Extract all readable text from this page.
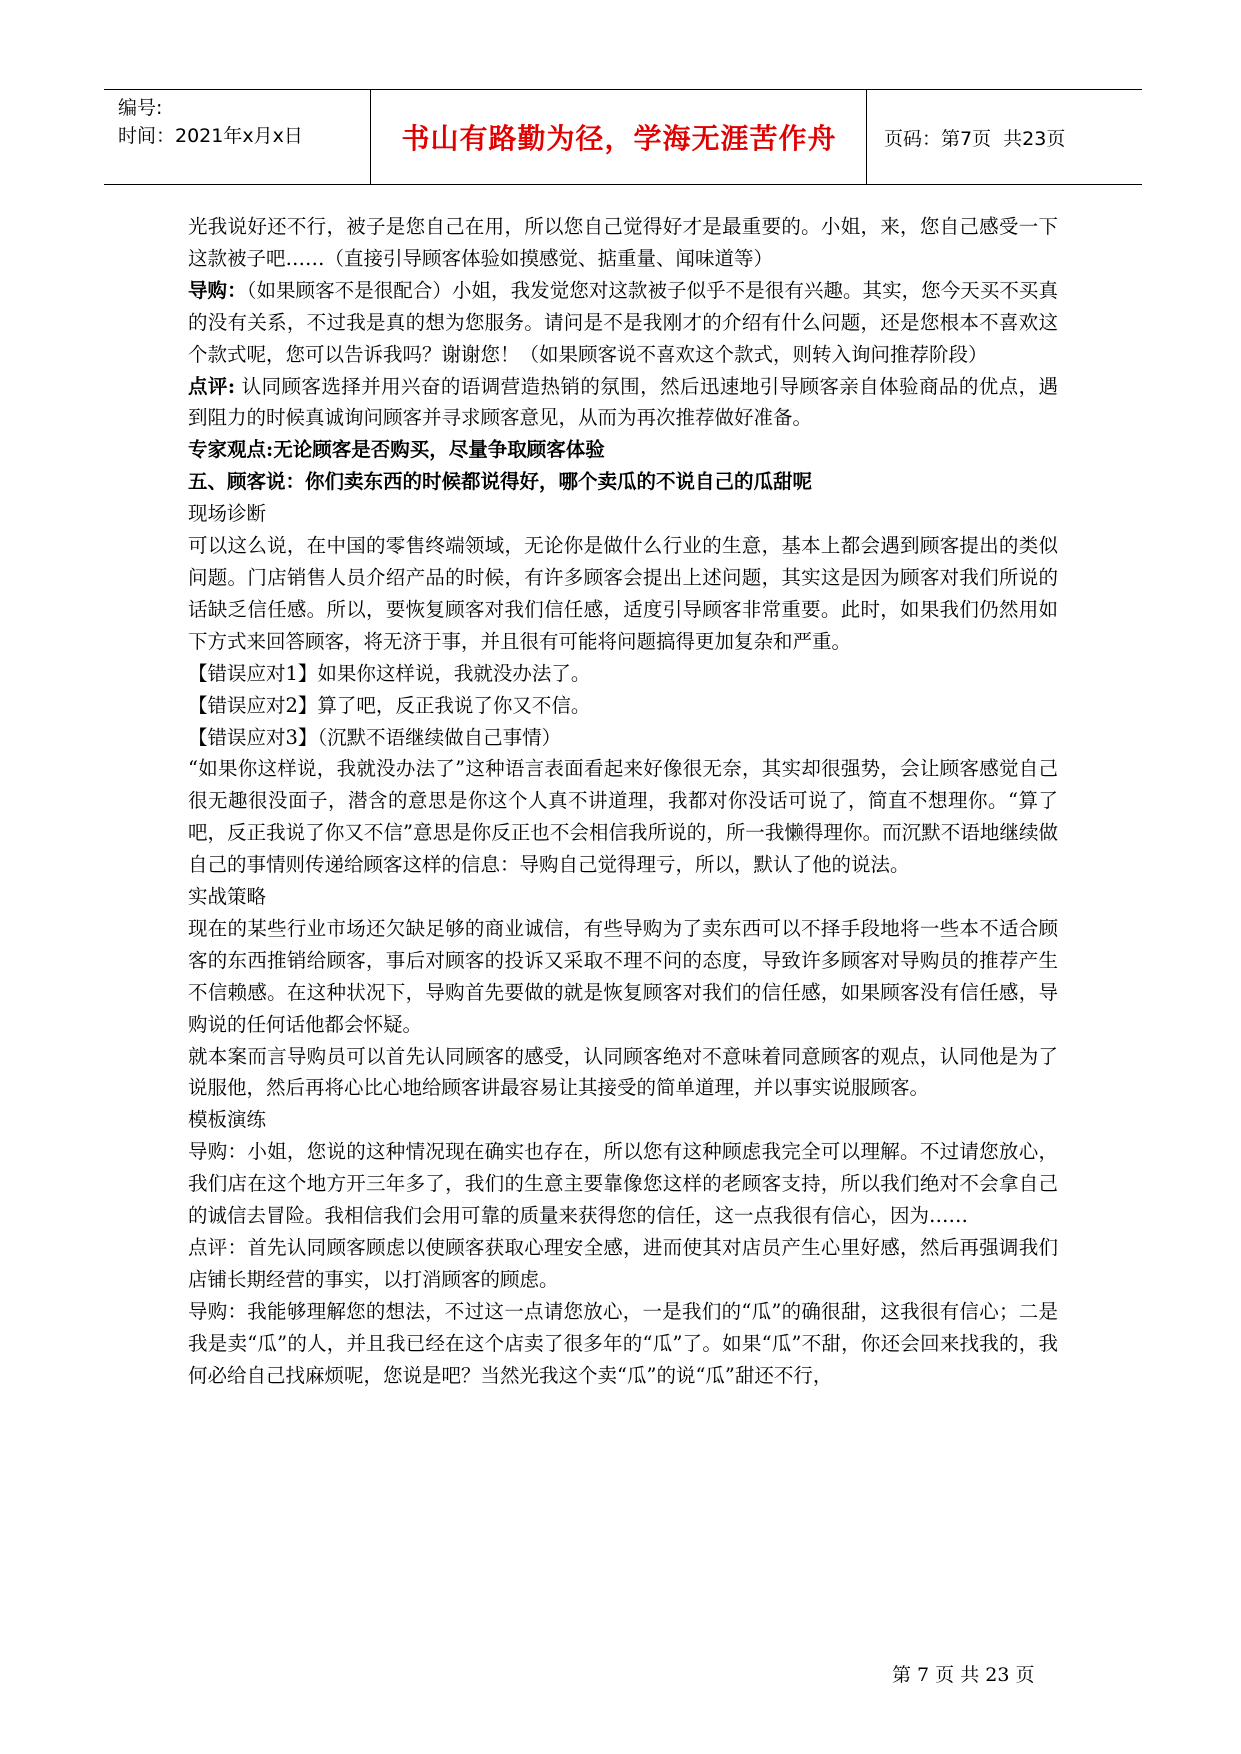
编号:
时间：2021年x月x日	书山有路勤为径，学海无涯苦作舟	页码：第7页  共23页

光我说好还不行，被子是您自己在用，所以您自己觉得好才是最重要的。小姐，来，您自己感受一下这款被子吧……（直接引导顾客体验如摸感觉、掂重量、闻味道等）

导购：（如果顾客不是很配合）小姐，我发觉您对这款被子似乎不是很有兴趣。其实，您今天买不买真的没有关系，不过我是真的想为您服务。请问是不是我刚才的介绍有什么问题，还是您根本不喜欢这个款式呢，您可以告诉我吗？谢谢您！（如果顾客说不喜欢这个款式，则转入询问推荐阶段）

点评: 认同顾客选择并用兴奋的语调营造热销的氛围，然后迅速地引导顾客亲自体验商品的优点，遇到阻力的时候真诚询问顾客并寻求顾客意见，从而为再次推荐做好准备。

专家观点:无论顾客是否购买，尽量争取顾客体验

五、顾客说：你们卖东西的时候都说得好，哪个卖瓜的不说自己的瓜甜呢

现场诊断

可以这么说，在中国的零售终端领域，无论你是做什么行业的生意，基本上都会遇到顾客提出的类似问题。门店销售人员介绍产品的时候，有许多顾客会提出上述问题，其实这是因为顾客对我们所说的话缺乏信任感。所以，要恢复顾客对我们信任感，适度引导顾客非常重要。此时，如果我们仍然用如下方式来回答顾客，将无济于事，并且很有可能将问题搞得更加复杂和严重。

【错误应对1】如果你这样说，我就没办法了。

【错误应对2】算了吧，反正我说了你又不信。

【错误应对3】（沉默不语继续做自己事情）

“如果你这样说，我就没办法了”这种语言表面看起来好像很无奈，其实却很强势，会让顾客感觉自己很无趣很没面子，潜含的意思是你这个人真不讲道理，我都对你没话可说了，简直不想理你。“算了吧，反正我说了你又不信”意思是你反正也不会相信我所说的，所一我懒得理你。而沉默不语地继续做自己的事情则传递给顾客这样的信息：导购自己觉得理亏，所以，默认了他的说法。

实战策略

现在的某些行业市场还欠缺足够的商业诚信，有些导购为了卖东西可以不择手段地将一些本不适合顾客的东西推销给顾客，事后对顾客的投诉又采取不理不问的态度，导致许多顾客对导购员的推荐产生不信赖感。在这种状况下，导购首先要做的就是恢复顾客对我们的信任感，如果顾客没有信任感，导购说的任何话他都会怀疑。

就本案而言导购员可以首先认同顾客的感受，认同顾客绝对不意味着同意顾客的观点，认同他是为了说服他，然后再将心比心地给顾客讲最容易让其接受的简单道理，并以事实说服顾客。

模板演练

导购：小姐，您说的这种情况现在确实也存在，所以您有这种顾虑我完全可以理解。不过请您放心，我们店在这个地方开三年多了，我们的生意主要靠像您这样的老顾客支持，所以我们绝对不会拿自己的诚信去冒险。我相信我们会用可靠的质量来获得您的信任，这一点我很有信心，因为……

点评：首先认同顾客顾虑以使顾客获取心理安全感，进而使其对店员产生心里好感，然后再强调我们店铺长期经营的事实，以打消顾客的顾虑。

导购：我能够理解您的想法，不过这一点请您放心，一是我们的“瓜”的确很甜，这我很有信心；二是我是卖“瓜”的人，并且我已经在这个店卖了很多年的“瓜”了。如果“瓜”不甜，你还会回来找我的，我何必给自己找麻烦呢，您说是吧？当然光我这个卖“瓜”的说“瓜”甜还不行，

第 7 页 共 23 页
